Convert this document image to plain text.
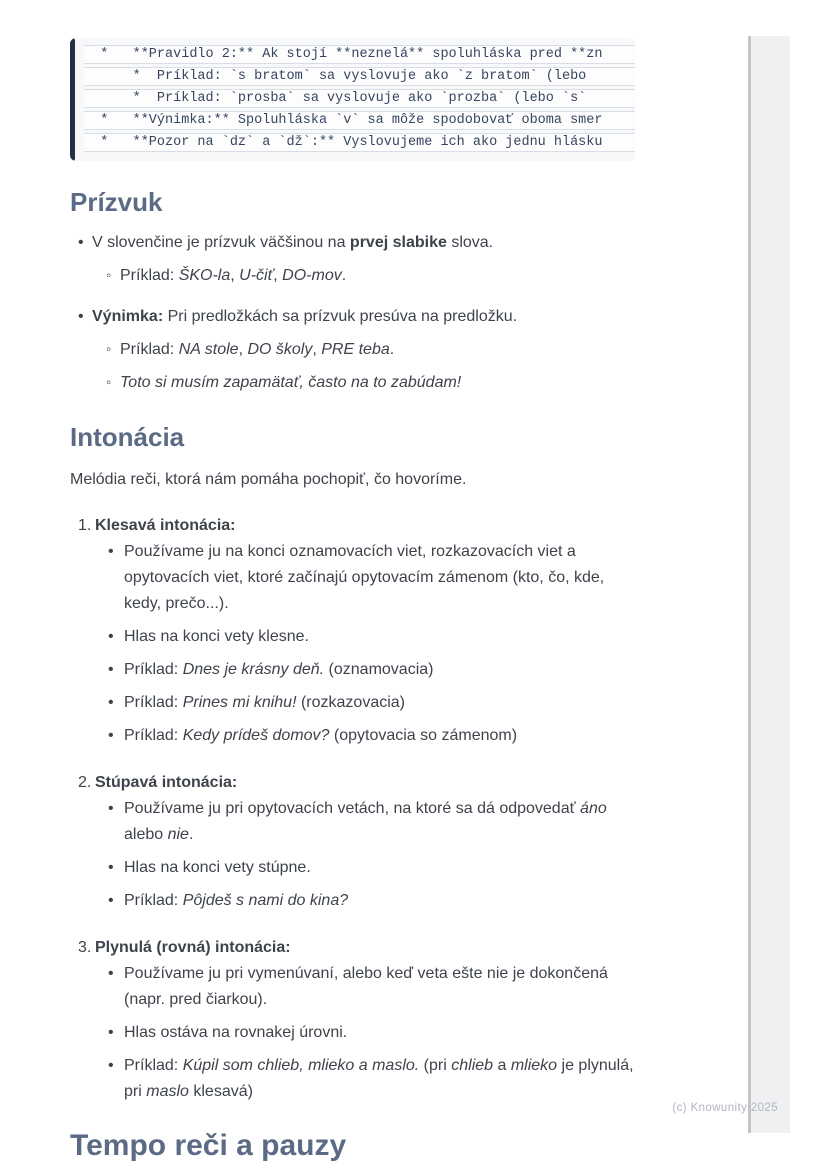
*   **Pravidlo 2:** Ak stojí **neznelá** spoluhláska pred **zn
*  Príklad: `s bratom` sa vyslovuje ako `z bratom` (lebo
*  Príklad: `prosba` sa vyslovuje ako `prozba` (lebo `s`
*   **Výnimka:** Spoluhláska `v` sa môže spodobovať oboma smer
*   **Pozor na `dz` a `dž`:** Vyslovujeme ich ako jednu hlásku
Prízvuk
• V slovenčine je prízvuk väčšinou na prvej slabike slova.
◦ Príklad: ŠKO-la, U-čiť, DO-mov.
• Výnimka: Pri predložkách sa prízvuk presúva na predložku.
◦ Príklad: NA stole, DO školy, PRE teba.
◦ Toto si musím zapamätať, často na to zabúdam!
Intonácia

Melódia reči, ktorá nám pomáha pochopiť, čo hovoríme.

1. Klesavá intonácia:
• Používame ju na konci oznamovacích viet, rozkazovacích viet a opytovacích viet, ktoré začínajú opytovacím zámenom (kto, čo, kde, kedy, prečo...).
• Hlas na konci vety klesne.
• Príklad: Dnes je krásny deň. (oznamovacia)
• Príklad: Prines mi knihu! (rozkazovacia)
• Príklad: Kedy prídeš domov? (opytovacia so zámenom)
2. Stúpavá intonácia:
• Používame ju pri opytovacích vetách, na ktoré sa dá odpovedať áno alebo nie.
• Hlas na konci vety stúpne.
• Príklad: Pôjdeš s nami do kina?
3. Plynulá (rovná) intonácia:
• Používame ju pri vymenúvaní, alebo keď veta ešte nie je dokončená (napr. pred čiarkou).
• Hlas ostáva na rovnakej úrovni.
• Príklad: Kúpil som chlieb, mlieko a maslo. (pri chlieb a mlieko je plynulá, pri maslo klesavá)
Tempo reči a pauzy
(c) Knowunity 2025
